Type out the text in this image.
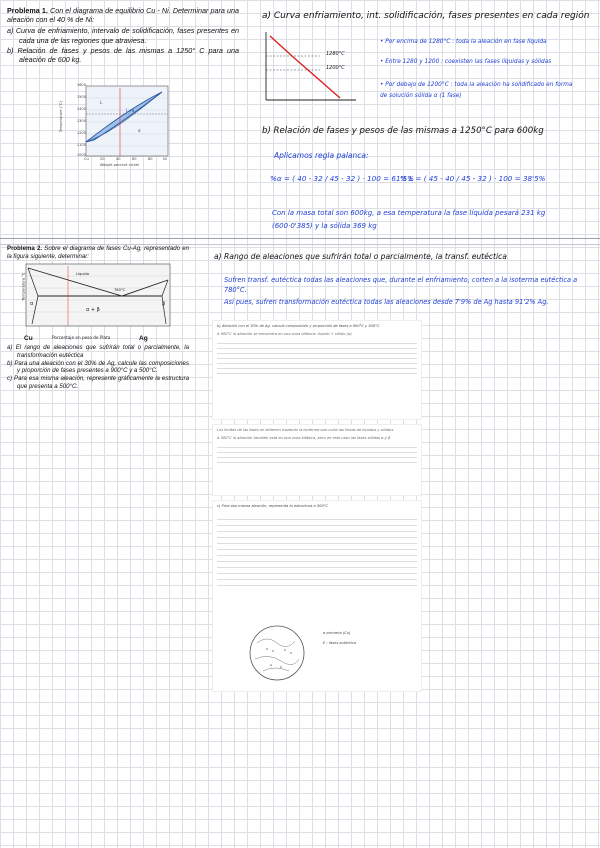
Problema 1. Con el diagrama de equilibrio Cu - Ni. Determinar para una aleación con el 40 % de Ni:
a) Curva de enfriamiento, intervalo de solidificación, fases presentes en cada una de las regiones que atraviesa.
b) Relación de fases y pesos de las mismas a 1250° C para una aleación de 600 kg.
L+α
α
L
Temperature (°C)
1600
1500
1400
1300
1200
1100
1000
Cu	20	40	60	80	Ni
Weight percent nickel
a) Curva enfriamiento, int. solidificación, fases presentes en cada región
1280°C
1200°C
• Por encima de 1280°C : toda la aleación en fase líquida
• Entre 1280 y 1200 : coexisten las fases líquidas y sólidas
• Por debajo de 1200°C : toda la aleación ha solidificado en forma de solución sólida α (1 fase)
b) Relación de fases y pesos de las mismas a 1250°C para 600kg
Aplicamos regla palanca:
%α = ( 40 - 32 / 45 - 32 ) · 100 = 61'5%
% L = ( 45 - 40 / 45 - 32 ) · 100 = 38'5%
Con la masa total son 600kg, a esa temperatura la fase líquida pesará 231 kg (600·0'385) y la sólida 369 kg
Problema 2. Sobre el diagrama de fases Cu-Ag, representado en la figura siguiente, determinar:
Temperatura °C	Líquido
780°C
α	β
α + β
Cu	Porcentaje en peso de Plata	Ag
a) El rango de aleaciones que sufrirán total o parcialmente, la transformación eutéctica
b) Para una aleación con el 30% de Ag, calcule las composiciones y proporción de fases presentes a 900°C y a 500°C.
c) Para esa misma aleación, represente gráficamente la estructura que presenta a 500°C.
a) Rango de aleaciones que sufrirán total o parcialmente, la transf. eutéctica
Sufren transf. eutéctica todas las aleaciones que, durante el enfriamiento, corten a la isoterma eutéctica a 780°C.
Así pues, sufren transformación eutéctica todas las aleaciones desde 7'9% de Ag hasta 91'2% Ag.
b) Aleación con el 30% de Ag, calcule composición y proporción de fases a 900°C y 500°C
A 900°C la aleación se encuentra en una zona bifásica: líquido + sólido (α)
Los límites de las fases se obtienen trazando la isoterma que corta las líneas de liquidus y solidus
A 500°C la aleación también está en una zona bifásica, pero en este caso las fases sólidas α y β
c) Para esa misma aleación, representa la estructura a 500°C
α primaria (Cu)
E : fases eutéctica
